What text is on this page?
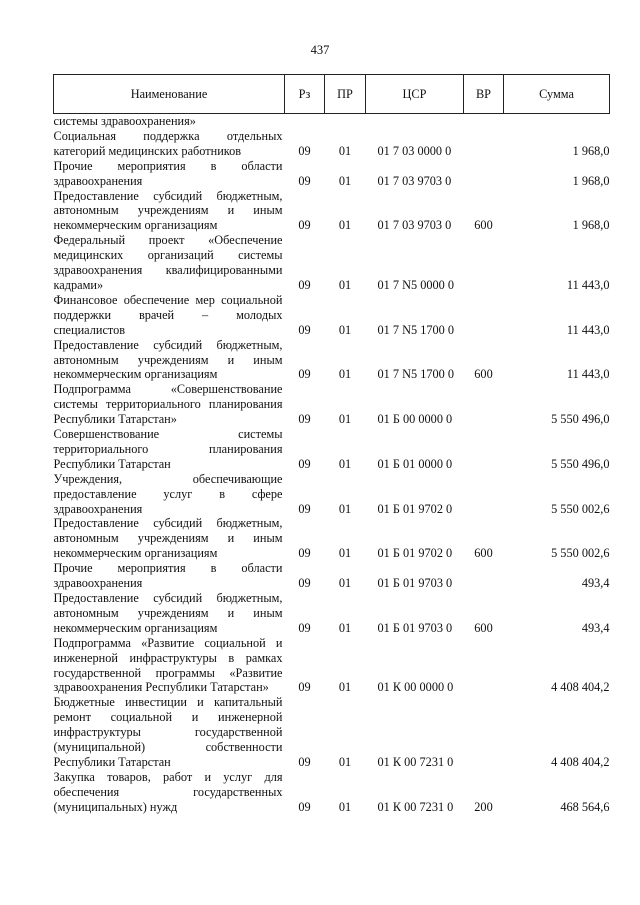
437
Наименование	Рз	ПР	ЦСР	ВР	Сумма
системы здравоохранения»					
Социальная поддержка отдельных категорий медицинских работников	09	01	01 7 03 0000 0		1 968,0
Прочие мероприятия в области здравоохранения	09	01	01 7 03 9703 0		1 968,0
Предоставление субсидий бюджетным, автономным учреждениям и иным некоммерческим организациям	09	01	01 7 03 9703 0	600	1 968,0
Федеральный проект «Обеспечение медицинских организаций системы здравоохранения квалифицированными кадрами»	09	01	01 7 N5 0000 0		11 443,0
Финансовое обеспечение мер социальной поддержки врачей – молодых специалистов	09	01	01 7 N5 1700 0		11 443,0
Предоставление субсидий бюджетным, автономным учреждениям и иным некоммерческим организациям	09	01	01 7 N5 1700 0	600	11 443,0
Подпрограмма «Совершенствование системы территориального планирования Республики Татарстан»	09	01	01 Б 00 0000 0		5 550 496,0
Совершенствование системы территориального планирования Республики Татарстан	09	01	01 Б 01 0000 0		5 550 496,0
Учреждения, обеспечивающие предоставление услуг в сфере здравоохранения	09	01	01 Б 01 9702 0		5 550 002,6
Предоставление субсидий бюджетным, автономным учреждениям и иным некоммерческим организациям	09	01	01 Б 01 9702 0	600	5 550 002,6
Прочие мероприятия в области здравоохранения	09	01	01 Б 01 9703 0		493,4
Предоставление субсидий бюджетным, автономным учреждениям и иным некоммерческим организациям	09	01	01 Б 01 9703 0	600	493,4
Подпрограмма «Развитие социальной и инженерной инфраструктуры в рамках государственной программы «Развитие здравоохранения Республики Татарстан»	09	01	01 К 00 0000 0		4 408 404,2
Бюджетные инвестиции и капитальный ремонт социальной и инженерной инфраструктуры государственной (муниципальной) собственности Республики Татарстан	09	01	01 К 00 7231 0		4 408 404,2
Закупка товаров, работ и услуг для обеспечения государственных (муниципальных) нужд	09	01	01 К 00 7231 0	200	468 564,6
